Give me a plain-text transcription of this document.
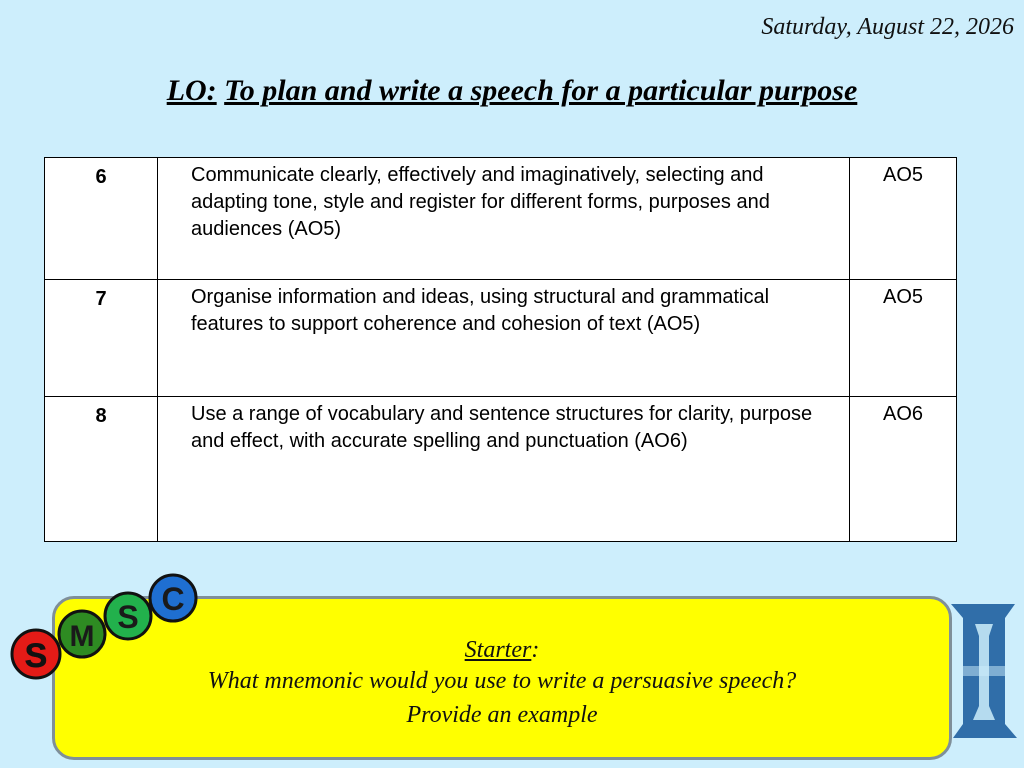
Saturday, August 22, 2026
LO: To plan and write a speech for a particular purpose
6	Communicate clearly, effectively and imaginatively, selecting and adapting tone, style and register for different forms, purposes and audiences (AO5)	AO5
7	Organise information and ideas, using structural and grammatical features to support coherence and cohesion of text (AO5)	AO5
8	Use a range of vocabulary and sentence structures for clarity, purpose and effect, with accurate spelling and punctuation (AO6)	AO6
Starter:
What mnemonic would you use to write a persuasive speech?
Provide an example
S
M
S C
